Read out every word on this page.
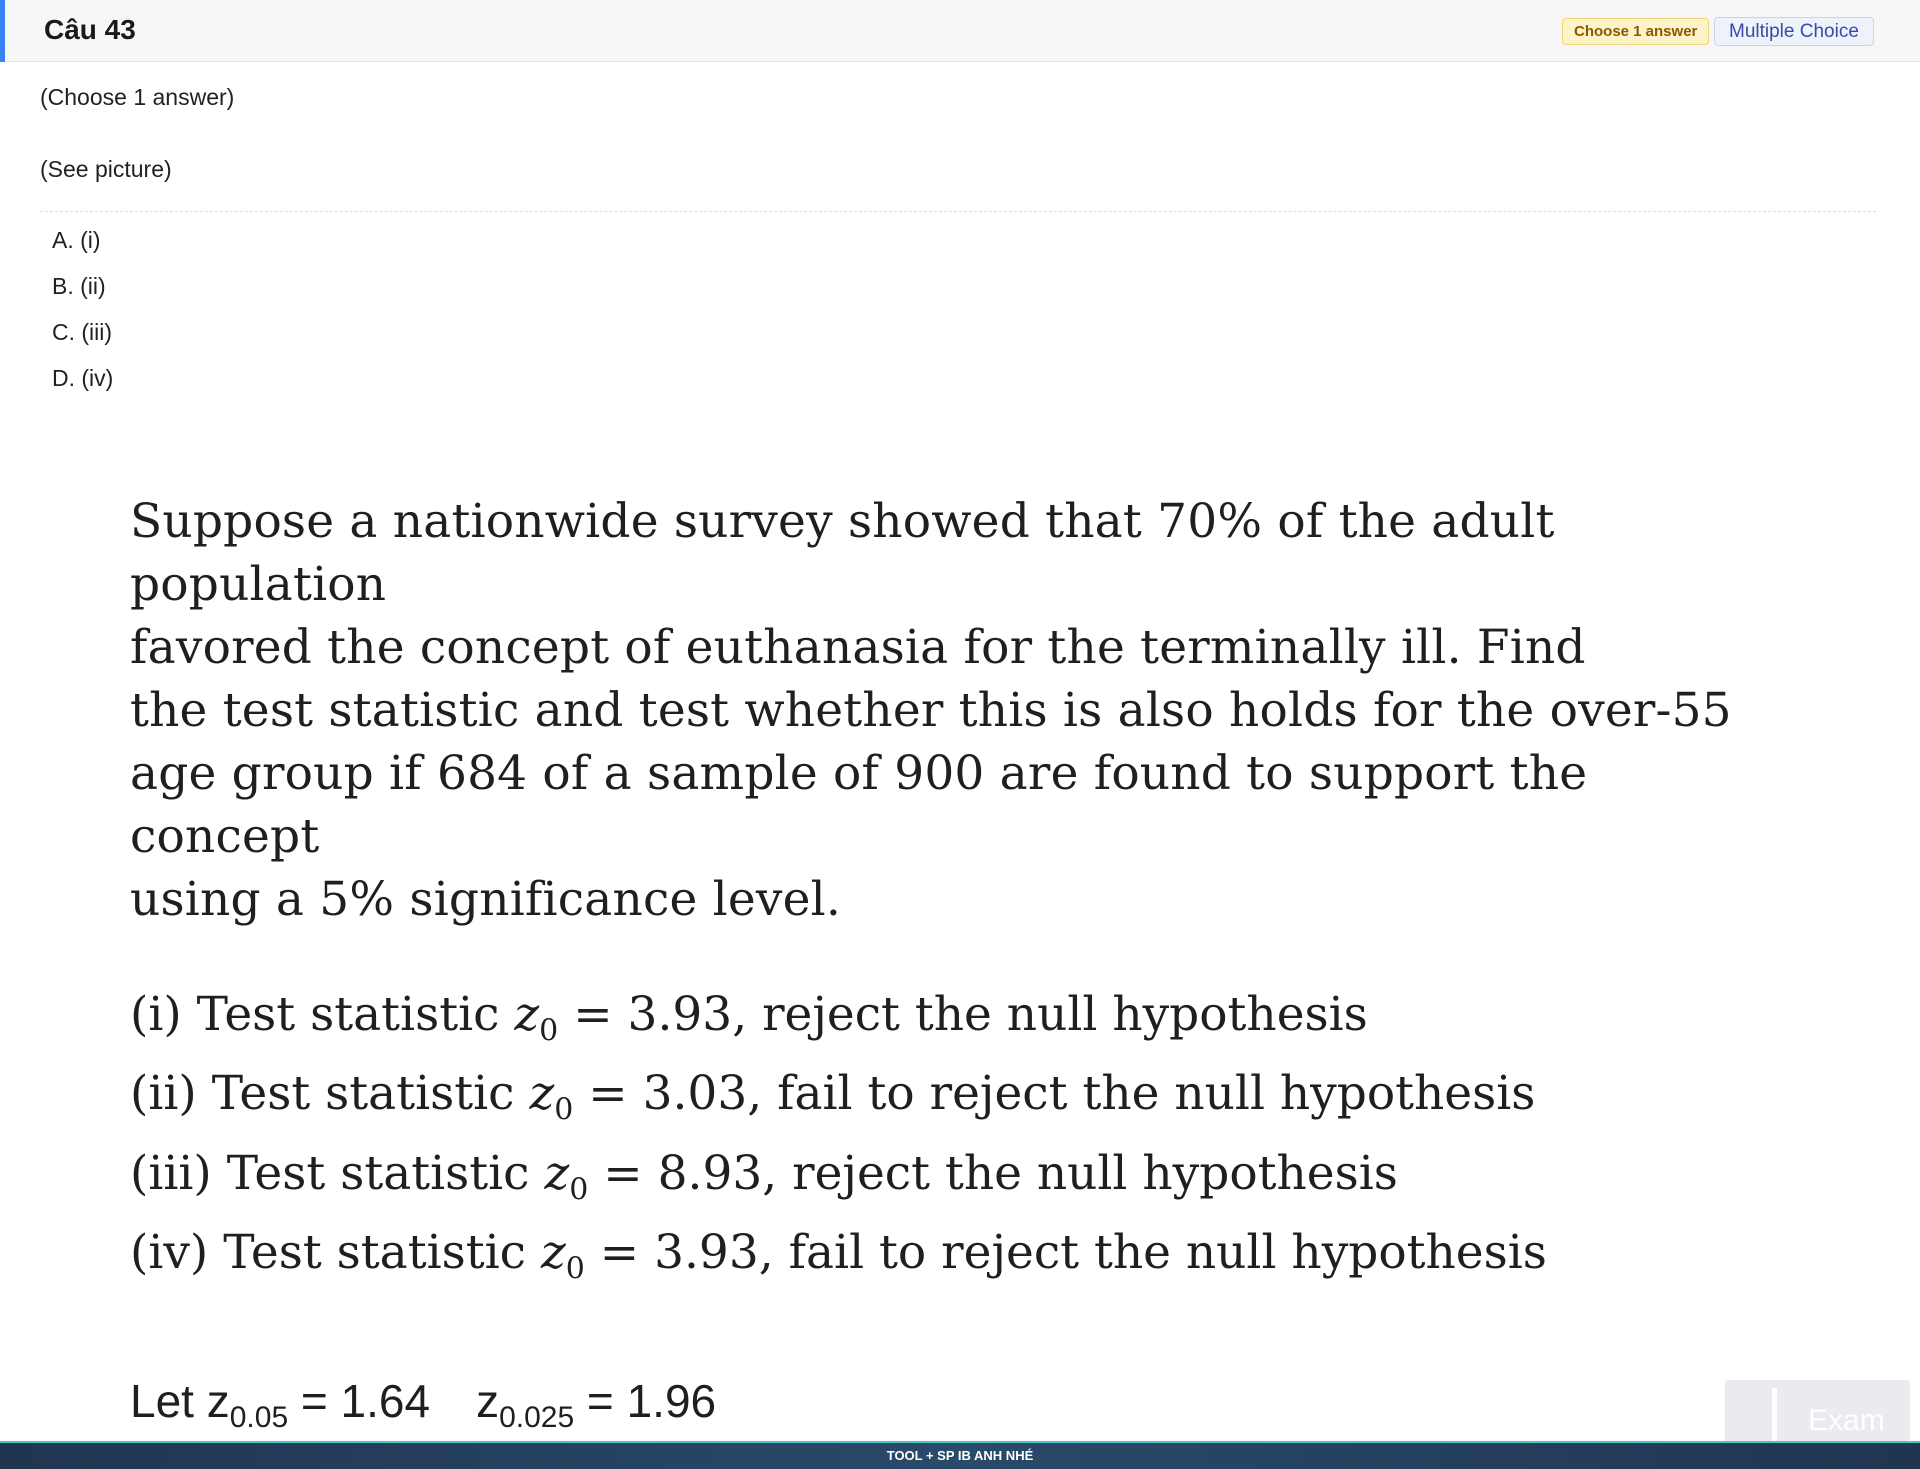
Câu 43	Choose 1 answer	Multiple Choice
(Choose 1 answer)
(See picture)
A. (i)
B. (ii)
C. (iii)
D. (iv)
Suppose a nationwide survey showed that 70% of the adult population
favored the concept of euthanasia for the terminally ill. Find
the test statistic and test whether this is also holds for the over-55
age group if 684 of a sample of 900 are found to support the concept
using a 5% significance level.
(i) Test statistic $z_0 = 3.93$, reject the null hypothesis
(ii) Test statistic $z_0 = 3.03$, fail to reject the null hypothesis
(iii) Test statistic $z_0 = 8.93$, reject the null hypothesis
(iv) Test statistic $z_0 = 3.93$, fail to reject the null hypothesis
Let $z_{0.05} = 1.64$ $z_{0.025} = 1.96$	Exam
TOOL + SP IB ANH NHÉ
